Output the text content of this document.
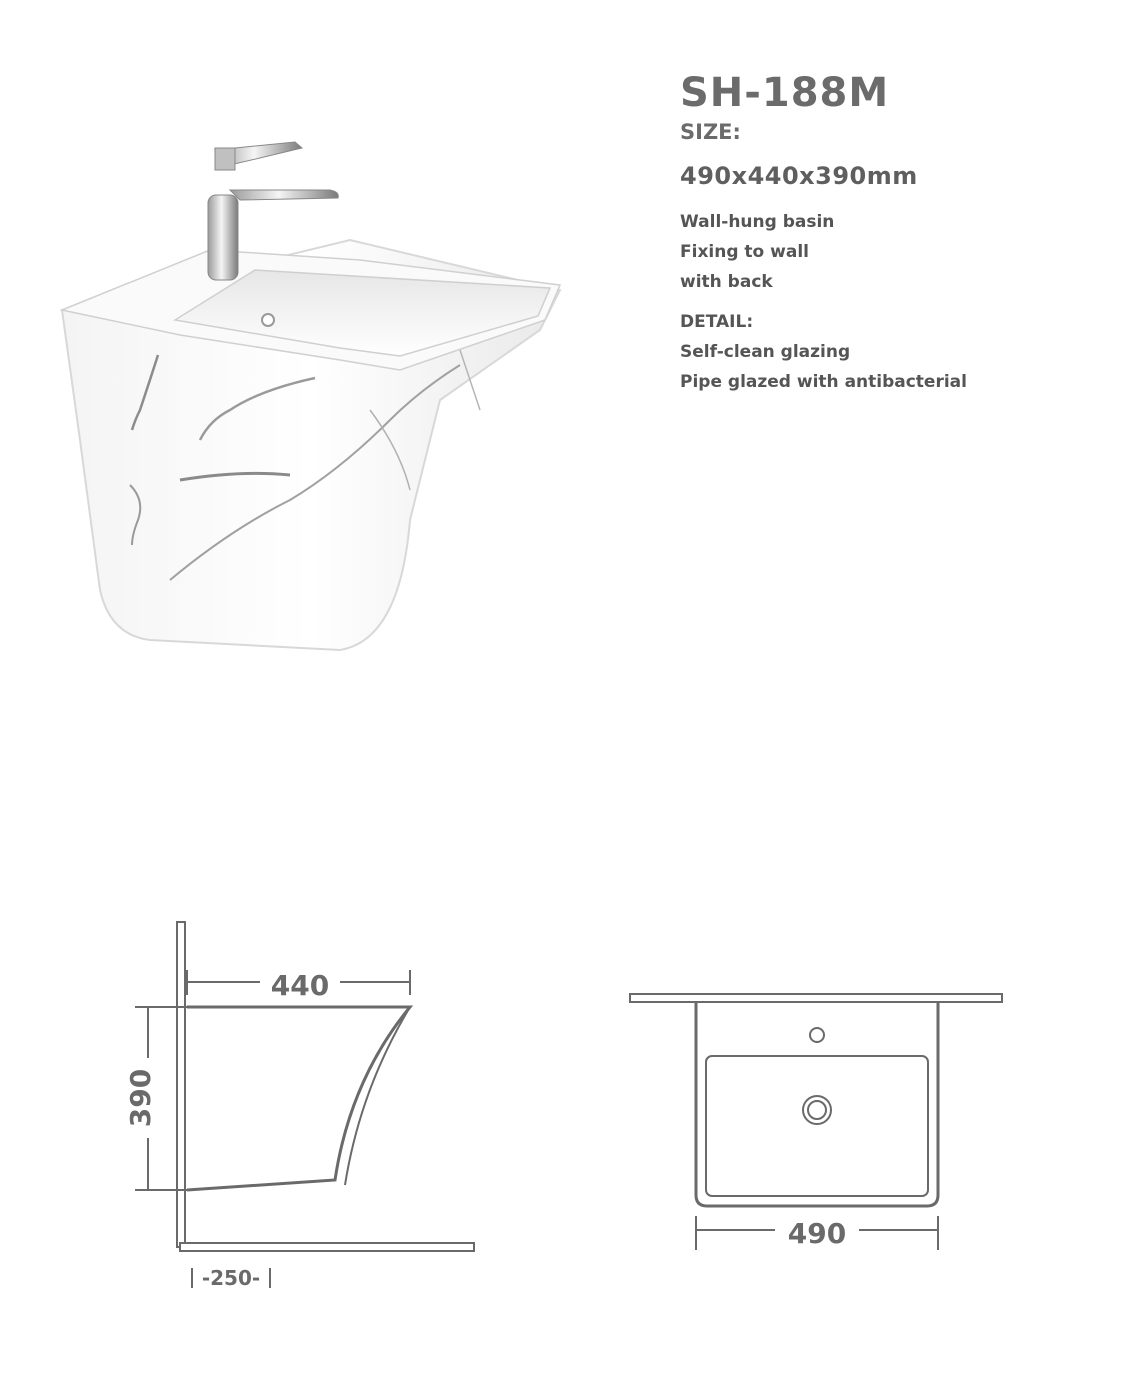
SH-188M
SIZE:
490x440x390mm
Wall-hung basin
Fixing to wall
with back
DETAIL:
Self-clean glazing
Pipe glazed with antibacterial
440
390
-250-
490
